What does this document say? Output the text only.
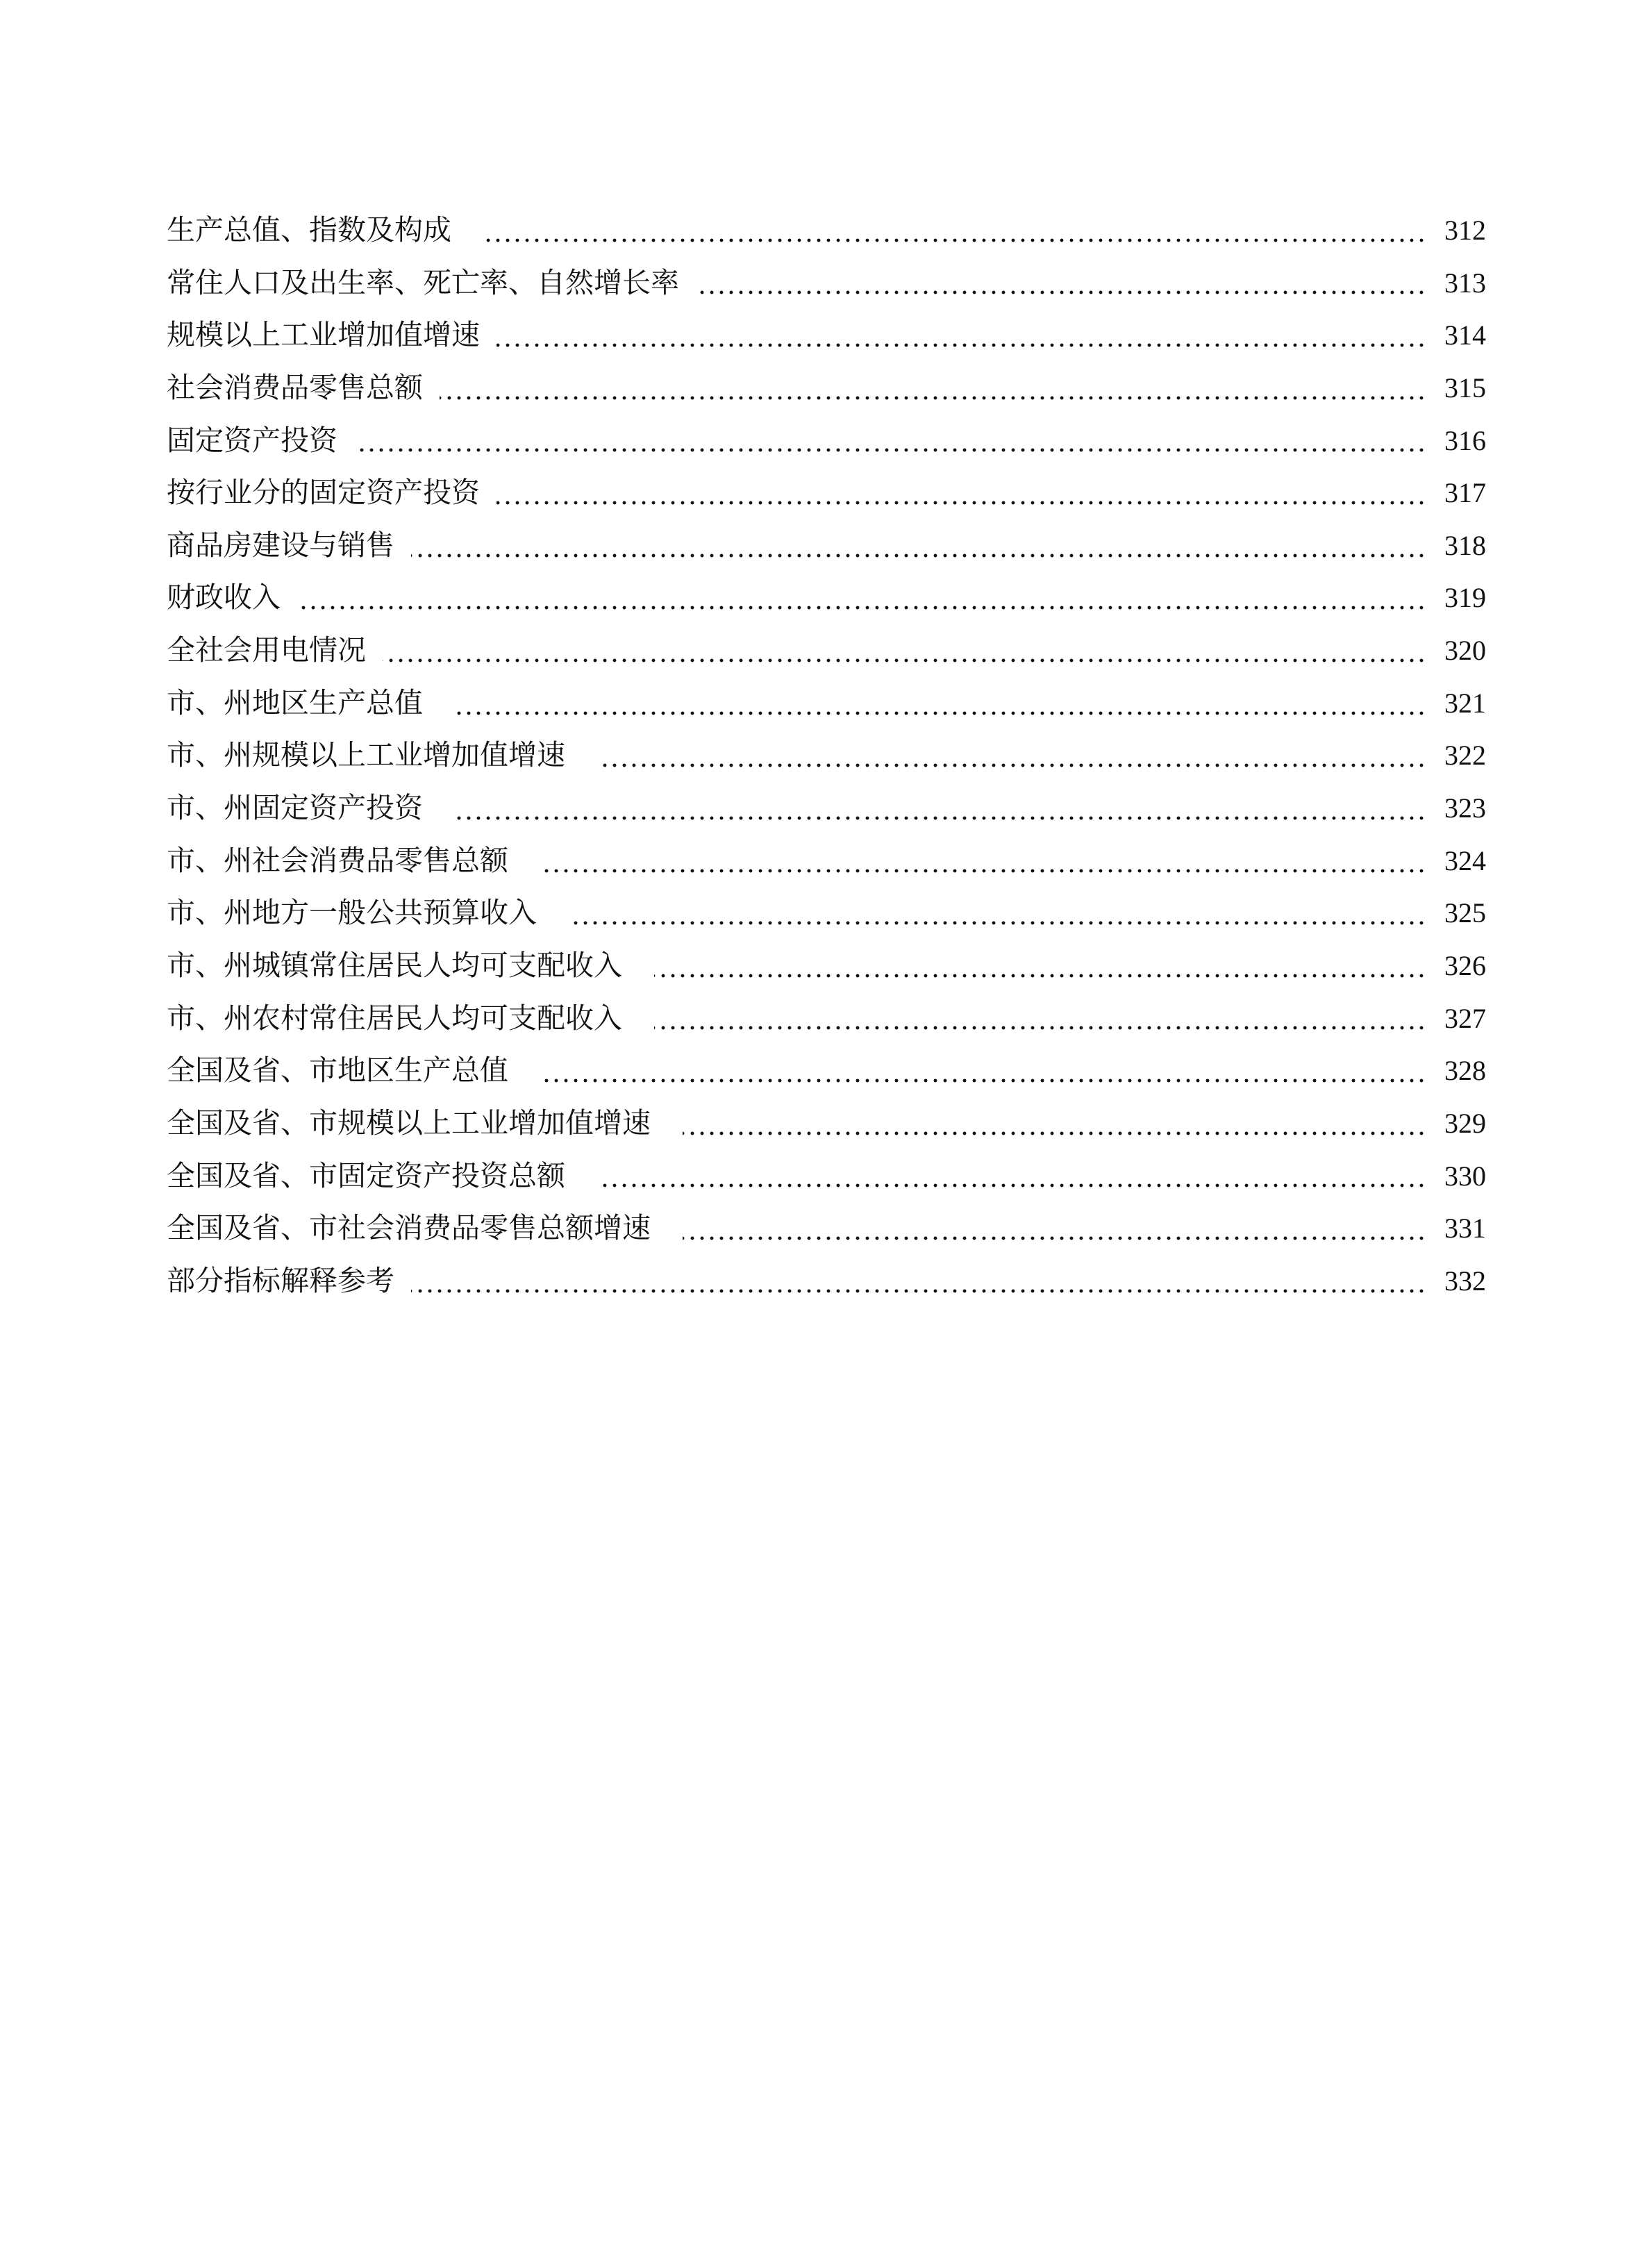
生产总值、指数及构成	312
常住人口及出生率、死亡率、自然增长率	313
规模以上工业增加值增速	314
社会消费品零售总额	315
固定资产投资	316
按行业分的固定资产投资	317
商品房建设与销售	318
财政收入	319
全社会用电情况	320
市、州地区生产总值	321
市、州规模以上工业增加值增速	322
市、州固定资产投资	323
市、州社会消费品零售总额	324
市、州地方一般公共预算收入	325
市、州城镇常住居民人均可支配收入	326
市、州农村常住居民人均可支配收入	327
全国及省、市地区生产总值	328
全国及省、市规模以上工业增加值增速	329
全国及省、市固定资产投资总额	330
全国及省、市社会消费品零售总额增速	331
部分指标解释参考	332
